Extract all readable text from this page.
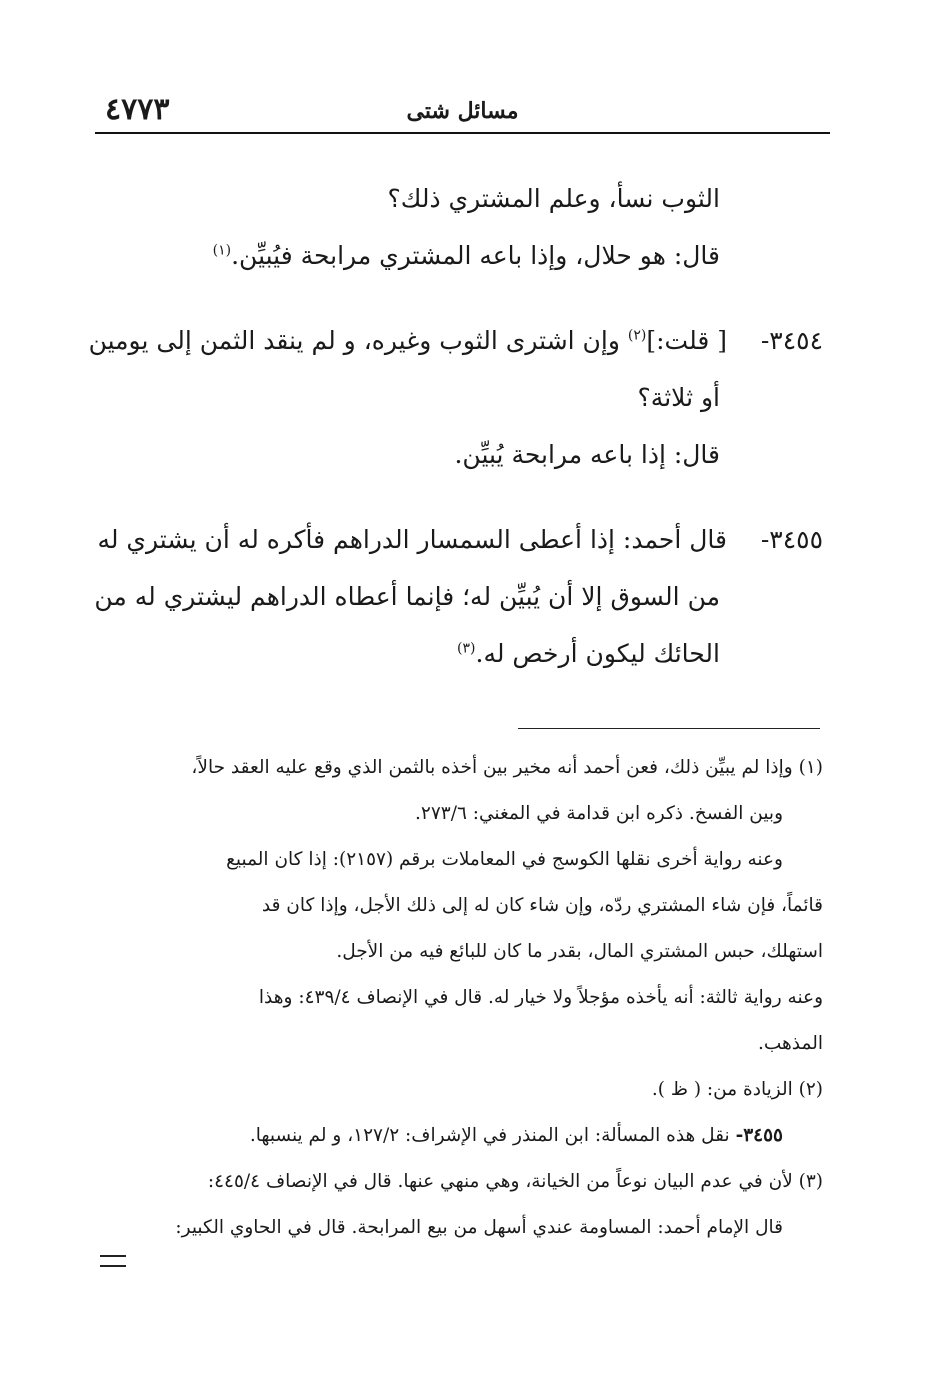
مسائل شتى
٤٧٧٣
الثوب نسأ، وعلم المشتري ذلك؟
قال: هو حلال، وإذا باعه المشتري مرابحة فيُبيِّن.$^{(١)}$
٣٤٥٤-[ قلت:]$^{(٢)}$ وإن اشترى الثوب وغيره، و لم ينقد الثمن إلى يومين
أو ثلاثة؟
قال: إذا باعه مرابحة يُبيِّن.
٣٤٥٥-قال أحمد: إذا أعطى السمسار الدراهم فأكره له أن يشتري له
من السوق إلا أن يُبيِّن له؛ فإنما أعطاه الدراهم ليشتري له من
الحائك ليكون أرخص له.$^{(٣)}$
(١) وإذا لم يبيِّن ذلك، فعن أحمد أنه مخير بين أخذه بالثمن الذي وقع عليه العقد حالاً،
وبين الفسخ. ذكره ابن قدامة في المغني: ٢٧٣/٦.
وعنه رواية أخرى نقلها الكوسج في المعاملات برقم (٢١٥٧): إذا كان المبيع
قائماً، فإن شاء المشتري ردّه، وإن شاء كان له إلى ذلك الأجل، وإذا كان قد
استهلك، حبس المشتري المال، بقدر ما كان للبائع فيه من الأجل.
وعنه رواية ثالثة: أنه يأخذه مؤجلاً ولا خيار له. قال في الإنصاف ٤٣٩/٤: وهذا
المذهب.
(٢) الزيادة من: ( ظ ).
٣٤٥٥- نقل هذه المسألة: ابن المنذر في الإشراف: ١٢٧/٢، و لم ينسبها.
(٣) لأن في عدم البيان نوعاً من الخيانة، وهي منهي عنها. قال في الإنصاف ٤٤٥/٤:
قال الإمام أحمد: المساومة عندي أسهل من بيع المرابحة. قال في الحاوي الكبير:
